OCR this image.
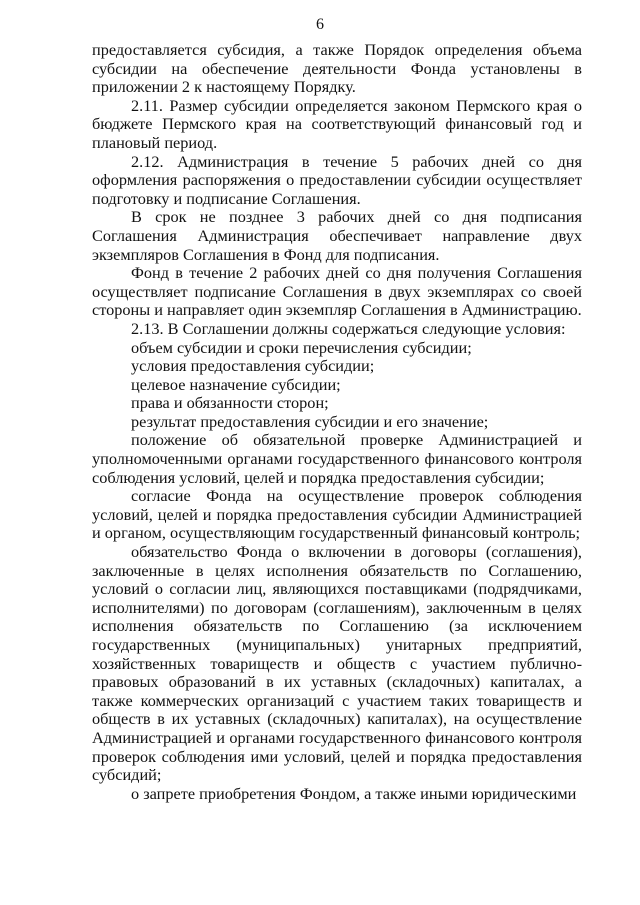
6

предоставляется субсидия, а также Порядок определения объема субсидии на обеспечение деятельности Фонда установлены в приложении 2 к настоящему Порядку.

2.11. Размер субсидии определяется законом Пермского края о бюджете Пермского края на соответствующий финансовый год и плановый период.

2.12. Администрация в течение 5 рабочих дней со дня оформления распоряжения о предоставлении субсидии осуществляет подготовку и подписание Соглашения.

В срок не позднее 3 рабочих дней со дня подписания Соглашения Администрация обеспечивает направление двух экземпляров Соглашения в Фонд для подписания.

Фонд в течение 2 рабочих дней со дня получения Соглашения осуществляет подписание Соглашения в двух экземплярах со своей стороны и направляет один экземпляр Соглашения в Администрацию.

2.13. В Соглашении должны содержаться следующие условия:

объем субсидии и сроки перечисления субсидии;

условия предоставления субсидии;

целевое назначение субсидии;

права и обязанности сторон;

результат предоставления субсидии и его значение;

положение об обязательной проверке Администрацией и уполномоченными органами государственного финансового контроля соблюдения условий, целей и порядка предоставления субсидии;

согласие Фонда на осуществление проверок соблюдения условий, целей и порядка предоставления субсидии Администрацией и органом, осуществляющим государственный финансовый контроль;

обязательство Фонда о включении в договоры (соглашения), заключенные в целях исполнения обязательств по Соглашению, условий о согласии лиц, являющихся поставщиками (подрядчиками, исполнителями) по договорам (соглашениям), заключенным в целях исполнения обязательств по Соглашению (за исключением государственных (муниципальных) унитарных предприятий, хозяйственных товариществ и обществ с участием публично-правовых образований в их уставных (складочных) капиталах, а также коммерческих организаций с участием таких товариществ и обществ в их уставных (складочных) капиталах), на осуществление Администрацией и органами государственного финансового контроля проверок соблюдения ими условий, целей и порядка предоставления субсидий;

о запрете приобретения Фондом, а также иными юридическими
